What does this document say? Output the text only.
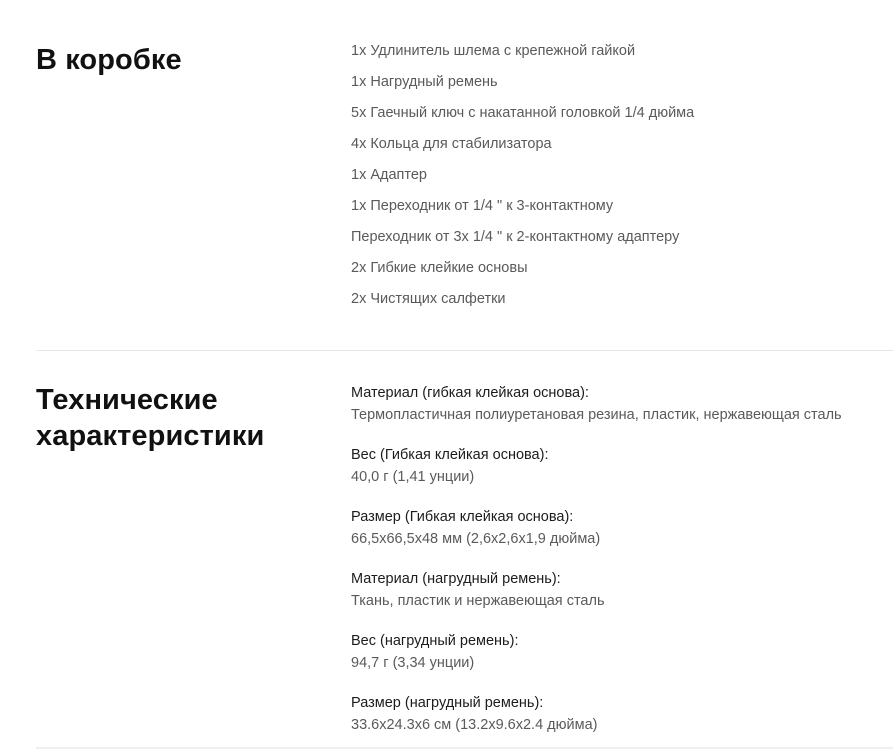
В коробке	1x Удлинитель шлема с крепежной гайкой
1x Нагрудный ремень
5x Гаечный ключ с накатанной головкой 1/4 дюйма
4x Кольца для стабилизатора
1x Адаптер
1x Переходник от 1/4 " к 3-контактному
Переходник от 3x 1/4 " к 2-контактному адаптеру
2x Гибкие клейкие основы
2x Чистящих салфетки
Технические
характеристики
Материал (гибкая клейкая основа):
Термопластичная полиуретановая резина, пластик, нержавеющая сталь
Вес (Гибкая клейкая основа):
40,0 г (1,41 унции)
Размер (Гибкая клейкая основа):
66,5x66,5x48 мм (2,6x2,6x1,9 дюйма)
Материал (нагрудный ремень):
Ткань, пластик и нержавеющая сталь
Вес (нагрудный ремень):
94,7 г (3,34 унции)
Размер (нагрудный ремень):
33.6x24.3x6 см (13.2x9.6x2.4 дюйма)
